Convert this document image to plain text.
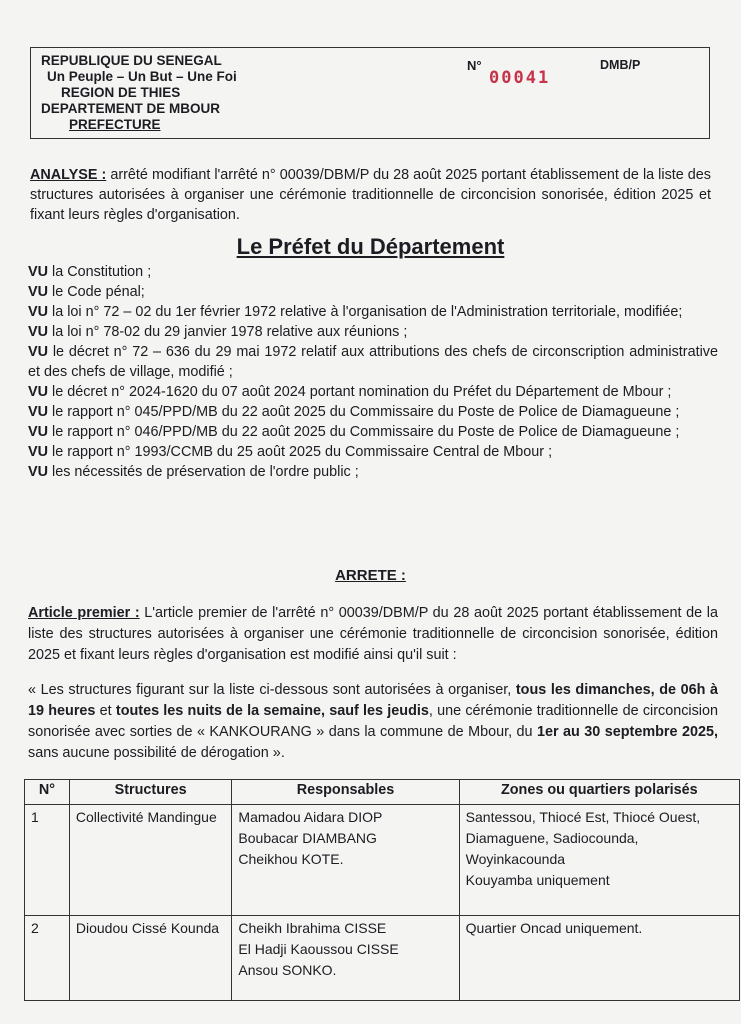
REPUBLIQUE DU SENEGAL
Un Peuple – Un But – Une Foi
REGION DE THIES
DEPARTEMENT DE MBOUR
PREFECTURE
N°
00041
DMB/P
ANALYSE : arrêté modifiant l'arrêté n° 00039/DBM/P du 28 août 2025 portant établissement de la liste des structures autorisées à organiser une cérémonie traditionnelle de circoncision sonorisée, édition 2025 et fixant leurs règles d'organisation.
Le Préfet du Département
VU la Constitution ;
VU le Code pénal;
VU la loi n° 72 – 02 du 1er février 1972 relative à l'organisation de l'Administration territoriale, modifiée;
VU la loi n° 78-02 du 29 janvier 1978 relative aux réunions ;
VU le décret n° 72 – 636 du 29 mai 1972 relatif aux attributions des chefs de circonscription administrative et des chefs de village, modifié ;
VU le décret n° 2024-1620 du 07 août 2024 portant nomination du Préfet du Département de Mbour ;
VU le rapport n° 045/PPD/MB du 22 août 2025 du Commissaire du Poste de Police de Diamagueune ;
VU le rapport n° 046/PPD/MB du 22 août 2025 du Commissaire du Poste de Police de Diamagueune ;
VU le rapport n° 1993/CCMB du 25 août 2025 du Commissaire Central de Mbour ;
VU les nécessités de préservation de l'ordre public ;
ARRETE :
Article premier : L'article premier de l'arrêté n° 00039/DBM/P du 28 août 2025 portant établissement de la liste des structures autorisées à organiser une cérémonie traditionnelle de circoncision sonorisée, édition 2025 et fixant leurs règles d'organisation est modifié ainsi qu'il suit :
« Les structures figurant sur la liste ci-dessous sont autorisées à organiser, tous les dimanches, de 06h à 19 heures et toutes les nuits de la semaine, sauf les jeudis, une cérémonie traditionnelle de circoncision sonorisée avec sorties de « KANKOURANG » dans la commune de Mbour, du 1er au 30 septembre 2025, sans aucune possibilité de dérogation ».
N°	Structures	Responsables	Zones ou quartiers polarisés
1	Collectivité Mandingue	Mamadou Aidara DIOP
Boubacar DIAMBANG
Cheikhou KOTE.	Santessou, Thiocé Est, Thiocé Ouest, Diamaguene, Sadiocounda, Woyinkacounda
Kouyamba uniquement

2	Dioudou Cissé Kounda	Cheikh Ibrahima CISSE
El Hadji Kaoussou CISSE
Ansou SONKO.	Quartier Oncad uniquement.
